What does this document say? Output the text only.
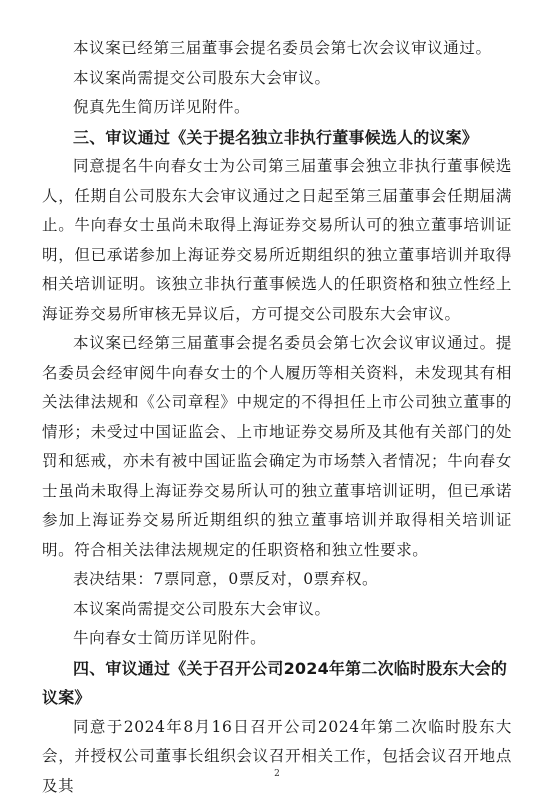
本议案已经第三届董事会提名委员会第七次会议审议通过。

本议案尚需提交公司股东大会审议。

倪真先生简历详见附件。

三、审议通过《关于提名独立非执行董事候选人的议案》

同意提名牛向春女士为公司第三届董事会独立非执行董事候选人，任期自公司股东大会审议通过之日起至第三届董事会任期届满止。牛向春女士虽尚未取得上海证券交易所认可的独立董事培训证明，但已承诺参加上海证券交易所近期组织的独立董事培训并取得相关培训证明。该独立非执行董事候选人的任职资格和独立性经上海证券交易所审核无异议后，方可提交公司股东大会审议。

本议案已经第三届董事会提名委员会第七次会议审议通过。提名委员会经审阅牛向春女士的个人履历等相关资料，未发现其有相关法律法规和《公司章程》中规定的不得担任上市公司独立董事的情形；未受过中国证监会、上市地证券交易所及其他有关部门的处罚和惩戒，亦未有被中国证监会确定为市场禁入者情况；牛向春女士虽尚未取得上海证券交易所认可的独立董事培训证明，但已承诺参加上海证券交易所近期组织的独立董事培训并取得相关培训证明。符合相关法律法规规定的任职资格和独立性要求。

表决结果：7票同意，0票反对，0票弃权。

本议案尚需提交公司股东大会审议。

牛向春女士简历详见附件。

四、审议通过《关于召开公司2024年第二次临时股东大会的议案》

同意于2024年8月16日召开公司2024年第二次临时股东大会，并授权公司董事长组织会议召开相关工作，包括会议召开地点及其

2
